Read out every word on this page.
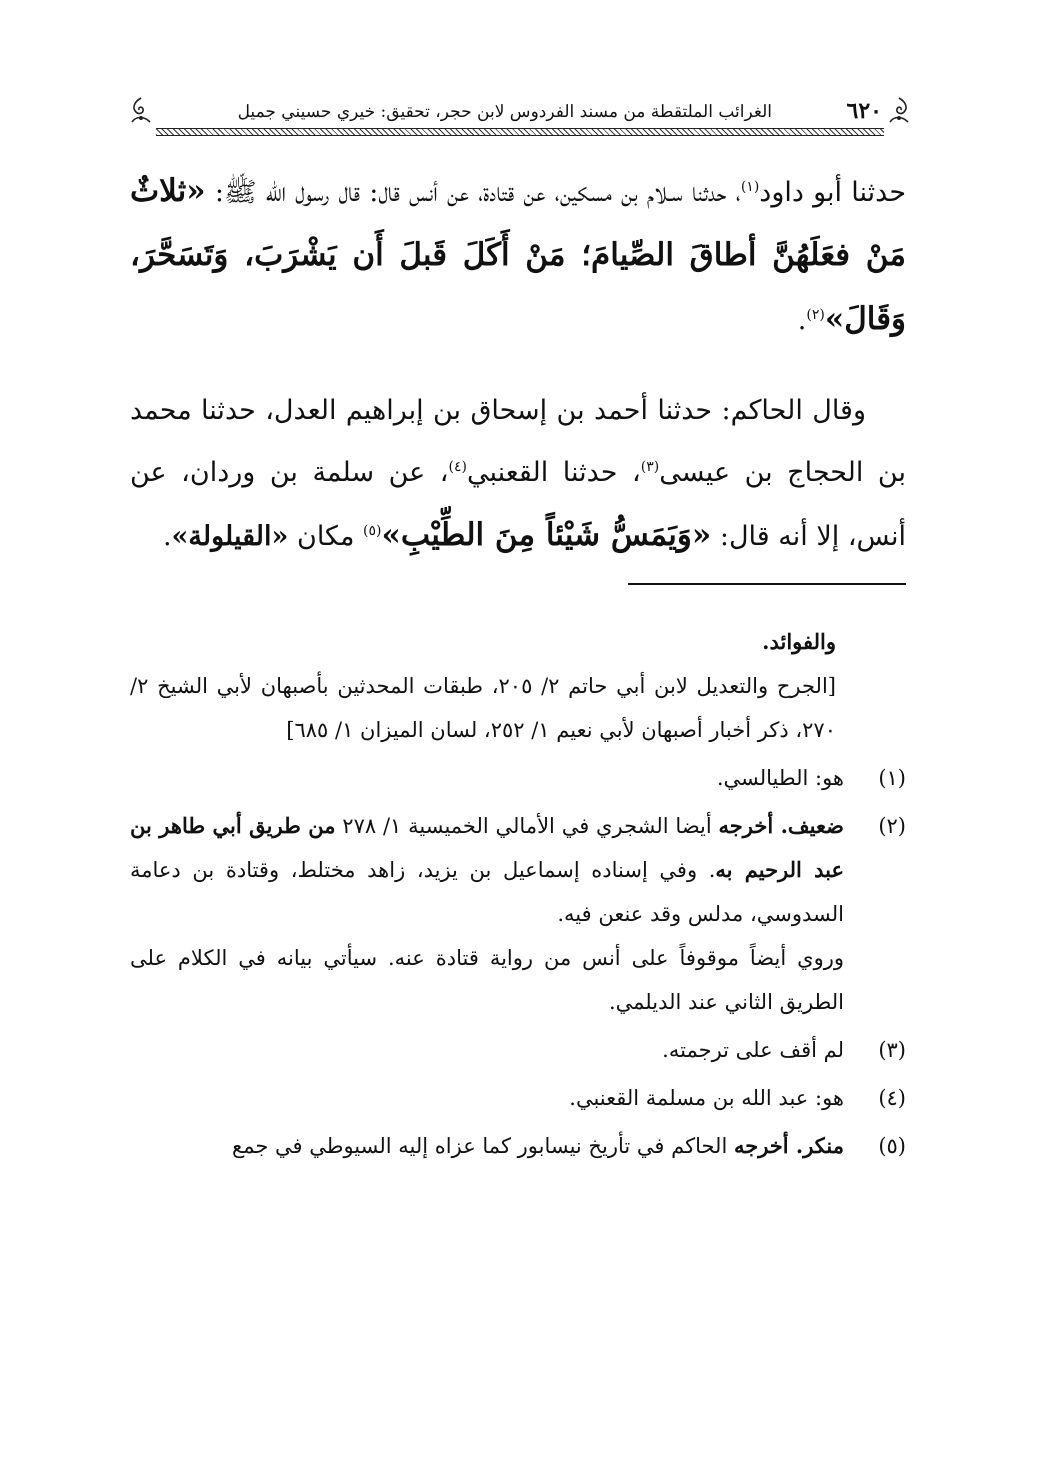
٦٢٠
الغرائب الملتقطة من مسند الفردوس لابن حجر، تحقيق: خيري حسيني جميل

حدثنا أبو داود$^{(١)}$، حدثنا سـلام بن مسكين، عن قتادة، عن أنس قال: قال رسول الله ﷺ: «ثلاثٌ مَنْ فعَلَهُنَّ أطاقَ الصِّيامَ؛ مَنْ أَكَلَ قَبلَ أَن يَشْرَبَ، وَتَسَحَّرَ، وَقَالَ»$^{(٢)}$.

وقال الحاكم: حدثنا أحمد بن إسحاق بن إبراهيم العدل، حدثنا محمد بن الحجاج بن عيسى$^{(٣)}$، حدثنا القعنبي$^{(٤)}$، عن سلمة بن وردان، عن أنس، إلا أنه قال: «وَيَمَسُّ شَيْئاً مِنَ الطِّيْبِ»$^{(٥)}$ مكان «القيلولة».

والفوائد.

[الجرح والتعديل لابن أبي حاتم ٢/ ٢٠٥، طبقات المحدثين بأصبهان لأبي الشيخ ٢/ ٢٧٠، ذكر أخبار أصبهان لأبي نعيم ١/ ٢٥٢، لسان الميزان ١/ ٦٨٥]

(١)

هو: الطيالسي.

(٢)

ضعيف. أخرجه أيضا الشجري في الأمالي الخميسية ١/ ٢٧٨ من طريق أبي طاهر بن عبد الرحيم به. وفي إسناده إسماعيل بن يزيد، زاهد مختلط، وقتادة بن دعامة السدوسي، مدلس وقد عنعن فيه.

وروي أيضاً موقوفاً على أنس من رواية قتادة عنه. سيأتي بيانه في الكلام على الطريق الثاني عند الديلمي.

(٣)

لم أقف على ترجمته.

(٤)

هو: عبد الله بن مسلمة القعنبي.

(٥)

منكر. أخرجه الحاكم في تأريخ نيسابور كما عزاه إليه السيوطي في جمع
